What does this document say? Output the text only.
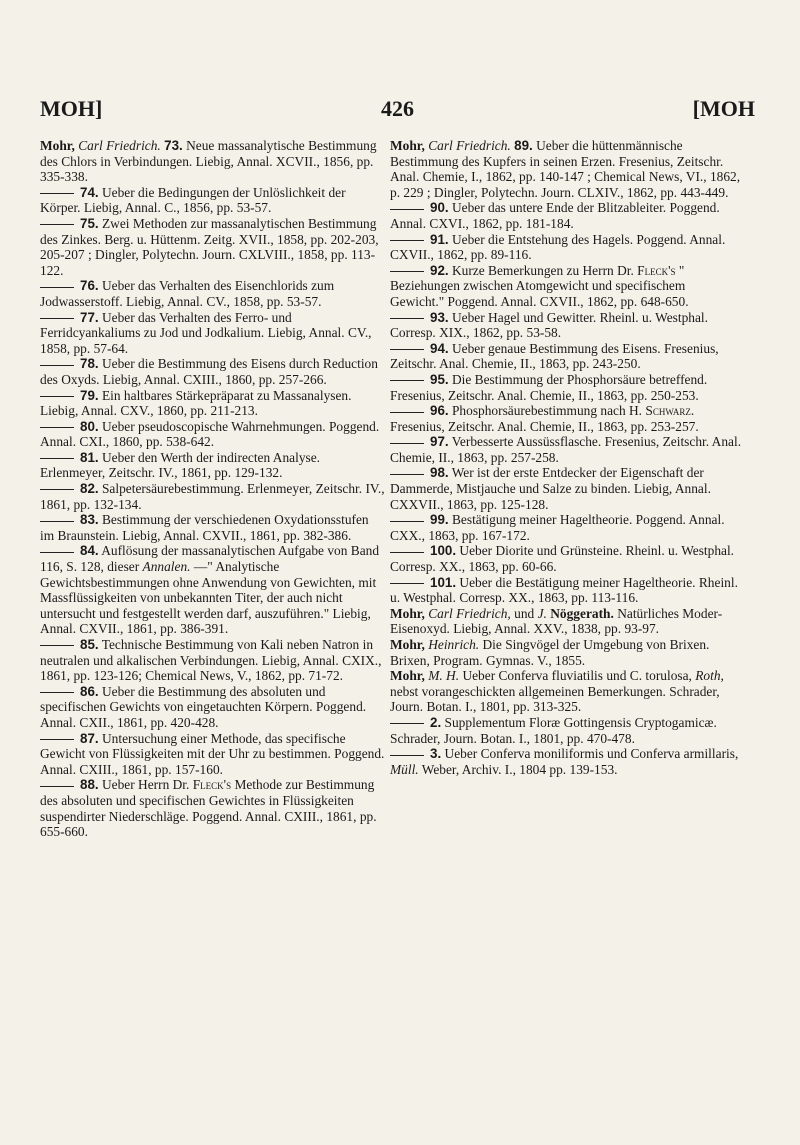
MOH]	426	[MOH
Mohr, Carl Friedrich. 73. Neue massanalytische Bestimmung des Chlors in Verbindungen. Liebig, Annal. XCVII., 1856, pp. 335-338.
74. Ueber die Bedingungen der Unlöslichkeit der Körper. Liebig, Annal. C., 1856, pp. 53-57.
75. Zwei Methoden zur massanalytischen Bestimmung des Zinkes. Berg. u. Hüttenm. Zeitg. XVII., 1858, pp. 202-203, 205-207 ; Dingler, Polytechn. Journ. CXLVIII., 1858, pp. 113-122.
76. Ueber das Verhalten des Eisenchlorids zum Jodwasserstoff. Liebig, Annal. CV., 1858, pp. 53-57.
77. Ueber das Verhalten des Ferro- und Ferridcyankaliums zu Jod und Jodkalium. Liebig, Annal. CV., 1858, pp. 57-64.
78. Ueber die Bestimmung des Eisens durch Reduction des Oxyds. Liebig, Annal. CXIII., 1860, pp. 257-266.
79. Ein haltbares Stärkepräparat zu Massanalysen. Liebig, Annal. CXV., 1860, pp. 211-213.
80. Ueber pseudoscopische Wahrnehmungen. Poggend. Annal. CXI., 1860, pp. 538-642.
81. Ueber den Werth der indirecten Analyse. Erlenmeyer, Zeitschr. IV., 1861, pp. 129-132.
82. Salpetersäurebestimmung. Erlenmeyer, Zeitschr. IV., 1861, pp. 132-134.
83. Bestimmung der verschiedenen Oxydationsstufen im Braunstein. Liebig, Annal. CXVII., 1861, pp. 382-386.
84. Auflösung der massanalytischen Aufgabe von Band 116, S. 128, dieser Annalen. —" Analytische Gewichtsbestimmungen ohne Anwendung von Gewichten, mit Massflüssigkeiten von unbekannten Titer, der auch nicht untersucht und festgestellt werden darf, auszuführen." Liebig, Annal. CXVII., 1861, pp. 386-391.
85. Technische Bestimmung von Kali neben Natron in neutralen und alkalischen Verbindungen. Liebig, Annal. CXIX., 1861, pp. 123-126; Chemical News, V., 1862, pp. 71-72.
86. Ueber die Bestimmung des absoluten und specifischen Gewichts von eingetauchten Körpern. Poggend. Annal. CXII., 1861, pp. 420-428.
87. Untersuchung einer Methode, das specifische Gewicht von Flüssigkeiten mit der Uhr zu bestimmen. Poggend. Annal. CXIII., 1861, pp. 157-160.
88. Ueber Herrn Dr. Fleck's Methode zur Bestimmung des absoluten und specifischen Gewichtes in Flüssigkeiten suspendirter Niederschläge. Poggend. Annal. CXIII., 1861, pp. 655-660.
Mohr, Carl Friedrich. 89. Ueber die hüttenmännische Bestimmung des Kupfers in seinen Erzen. Fresenius, Zeitschr. Anal. Chemie, I., 1862, pp. 140-147 ; Chemical News, VI., 1862, p. 229 ; Dingler, Polytechn. Journ. CLXIV., 1862, pp. 443-449.
90. Ueber das untere Ende der Blitzableiter. Poggend. Annal. CXVI., 1862, pp. 181-184.
91. Ueber die Entstehung des Hagels. Poggend. Annal. CXVII., 1862, pp. 89-116.
92. Kurze Bemerkungen zu Herrn Dr. Fleck's " Beziehungen zwischen Atomgewicht und specifischem Gewicht." Poggend. Annal. CXVII., 1862, pp. 648-650.
93. Ueber Hagel und Gewitter. Rheinl. u. Westphal. Corresp. XIX., 1862, pp. 53-58.
94. Ueber genaue Bestimmung des Eisens. Fresenius, Zeitschr. Anal. Chemie, II., 1863, pp. 243-250.
95. Die Bestimmung der Phosphorsäure betreffend. Fresenius, Zeitschr. Anal. Chemie, II., 1863, pp. 250-253.
96. Phosphorsäurebestimmung nach H. Schwarz. Fresenius, Zeitschr. Anal. Chemie, II., 1863, pp. 253-257.
97. Verbesserte Aussüssflasche. Fresenius, Zeitschr. Anal. Chemie, II., 1863, pp. 257-258.
98. Wer ist der erste Entdecker der Eigenschaft der Dammerde, Mistjauche und Salze zu binden. Liebig, Annal. CXXVII., 1863, pp. 125-128.
99. Bestätigung meiner Hageltheorie. Poggend. Annal. CXX., 1863, pp. 167-172.
100. Ueber Diorite und Grünsteine. Rheinl. u. Westphal. Corresp. XX., 1863, pp. 60-66.
101. Ueber die Bestätigung meiner Hageltheorie. Rheinl. u. Westphal. Corresp. XX., 1863, pp. 113-116.
Mohr, Carl Friedrich, und J. Nöggerath. Natürliches Moder-Eisenoxyd. Liebig, Annal. XXV., 1838, pp. 93-97.
Mohr, Heinrich. Die Singvögel der Umgebung von Brixen. Brixen, Program. Gymnas. V., 1855.
Mohr, M. H. Ueber Conferva fluviatilis und C. torulosa, Roth, nebst vorangeschickten allgemeinen Bemerkungen. Schrader, Journ. Botan. I., 1801, pp. 313-325.
2. Supplementum Floræ Gottingensis Cryptogamicæ. Schrader, Journ. Botan. I., 1801, pp. 470-478.
3. Ueber Conferva moniliformis und Conferva armillaris, Müll. Weber, Archiv. I., 1804 pp. 139-153.
